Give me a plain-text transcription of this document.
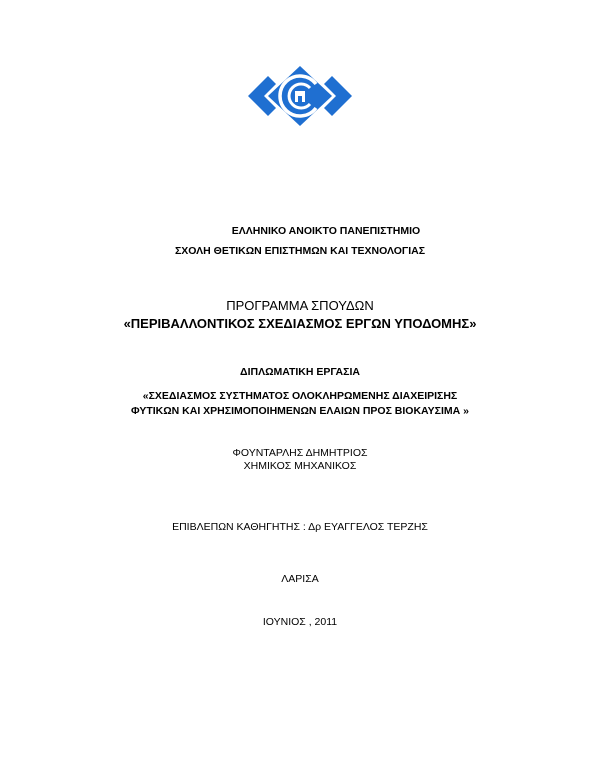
ΕΛΛΗΝΙΚΟ ΑΝΟΙΚΤΟ ΠΑΝΕΠΙΣΤΗΜΙΟ
ΣΧΟΛΗ ΘΕΤΙΚΩΝ ΕΠΙΣΤΗΜΩΝ ΚΑΙ ΤΕΧΝΟΛΟΓΙΑΣ
ΠΡΟΓΡΑΜΜΑ ΣΠΟΥΔΩΝ
«ΠΕΡΙΒΑΛΛΟΝΤΙΚΟΣ ΣΧΕΔΙΑΣΜΟΣ ΕΡΓΩΝ ΥΠΟΔΟΜΗΣ»
ΔΙΠΛΩΜΑΤΙΚΗ ΕΡΓΑΣΙΑ
«ΣΧΕΔΙΑΣΜΟΣ ΣΥΣΤΗΜΑΤΟΣ ΟΛΟΚΛΗΡΩΜΕΝΗΣ ΔΙΑΧΕΙΡΙΣΗΣ
ΦΥΤΙΚΩΝ ΚΑΙ ΧΡΗΣΙΜΟΠΟΙΗΜΕΝΩΝ ΕΛΑΙΩΝ ΠΡΟΣ ΒΙΟΚΑΥΣΙΜΑ »
ΦΟΥΝΤΑΡΛΗΣ ΔΗΜΗΤΡΙΟΣ
ΧΗΜΙΚΟΣ ΜΗΧΑΝΙΚΟΣ
ΕΠΙΒΛΕΠΩΝ ΚΑΘΗΓΗΤΗΣ : Δρ ΕΥΑΓΓΕΛΟΣ ΤΕΡΖΗΣ
ΛΑΡΙΣΑ
ΙΟΥΝΙΟΣ , 2011
